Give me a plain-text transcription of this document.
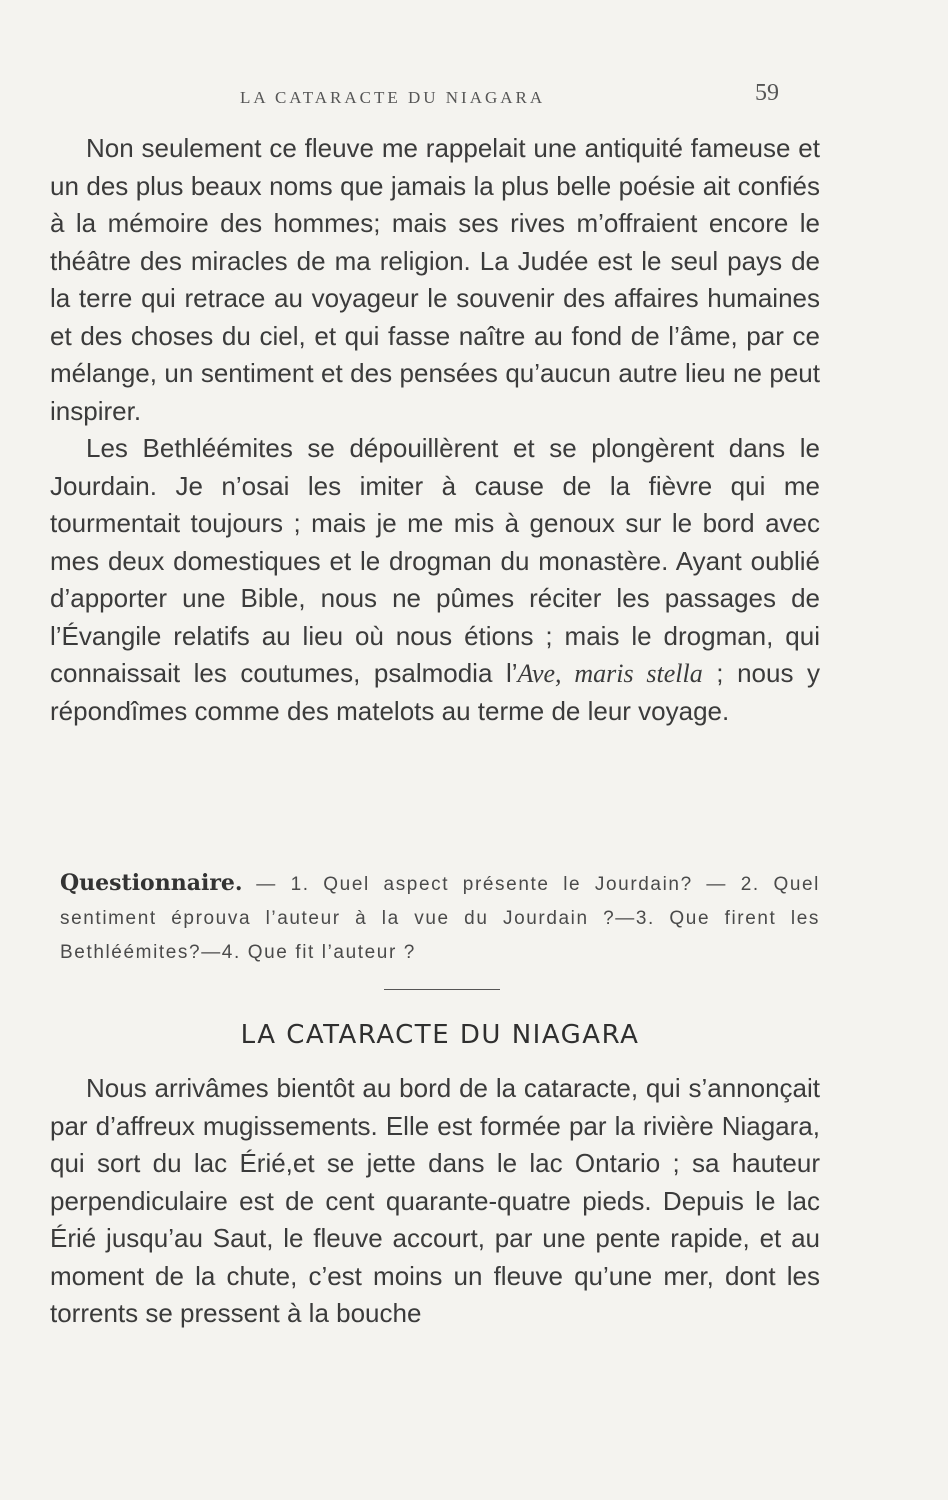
LA CATARACTE DU NIAGARA	59

Non seulement ce fleuve me rappelait une antiquité fameuse et un des plus beaux noms que jamais la plus belle poésie ait confiés à la mémoire des hommes; mais ses rives m’offraient encore le théâtre des miracles de ma religion. La Judée est le seul pays de la terre qui retrace au voyageur le souvenir des affaires humaines et des choses du ciel, et qui fasse naître au fond de l’âme, par ce mélange, un sentiment et des pensées qu’aucun autre lieu ne peut inspirer.

Les Bethléémites se dépouillèrent et se plongèrent dans le Jourdain. Je n’osai les imiter à cause de la fièvre qui me tourmentait toujours ; mais je me mis à genoux sur le bord avec mes deux domestiques et le drogman du monastère. Ayant oublié d’apporter une Bible, nous ne pûmes réciter les passages de l’Évangile relatifs au lieu où nous étions ; mais le drogman, qui connaissait les coutumes, psalmodia l’Ave, maris stella ; nous y répondîmes comme des matelots au terme de leur voyage.

Questionnaire. — 1. Quel aspect présente le Jourdain? — 2. Quel sentiment éprouva l’auteur à la vue du Jourdain ?—3. Que firent les Bethléémites?—4. Que fit l’auteur ?
LA CATARACTE DU NIAGARA

Nous arrivâmes bientôt au bord de la cataracte, qui s’annonçait par d’affreux mugissements. Elle est formée par la rivière Niagara, qui sort du lac Érié,et se jette dans le lac Ontario ; sa hauteur perpendiculaire est de cent quarante-quatre pieds. Depuis le lac Érié jusqu’au Saut, le fleuve accourt, par une pente rapide, et au moment de la chute, c’est moins un fleuve qu’une mer, dont les torrents se pressent à la bouche
